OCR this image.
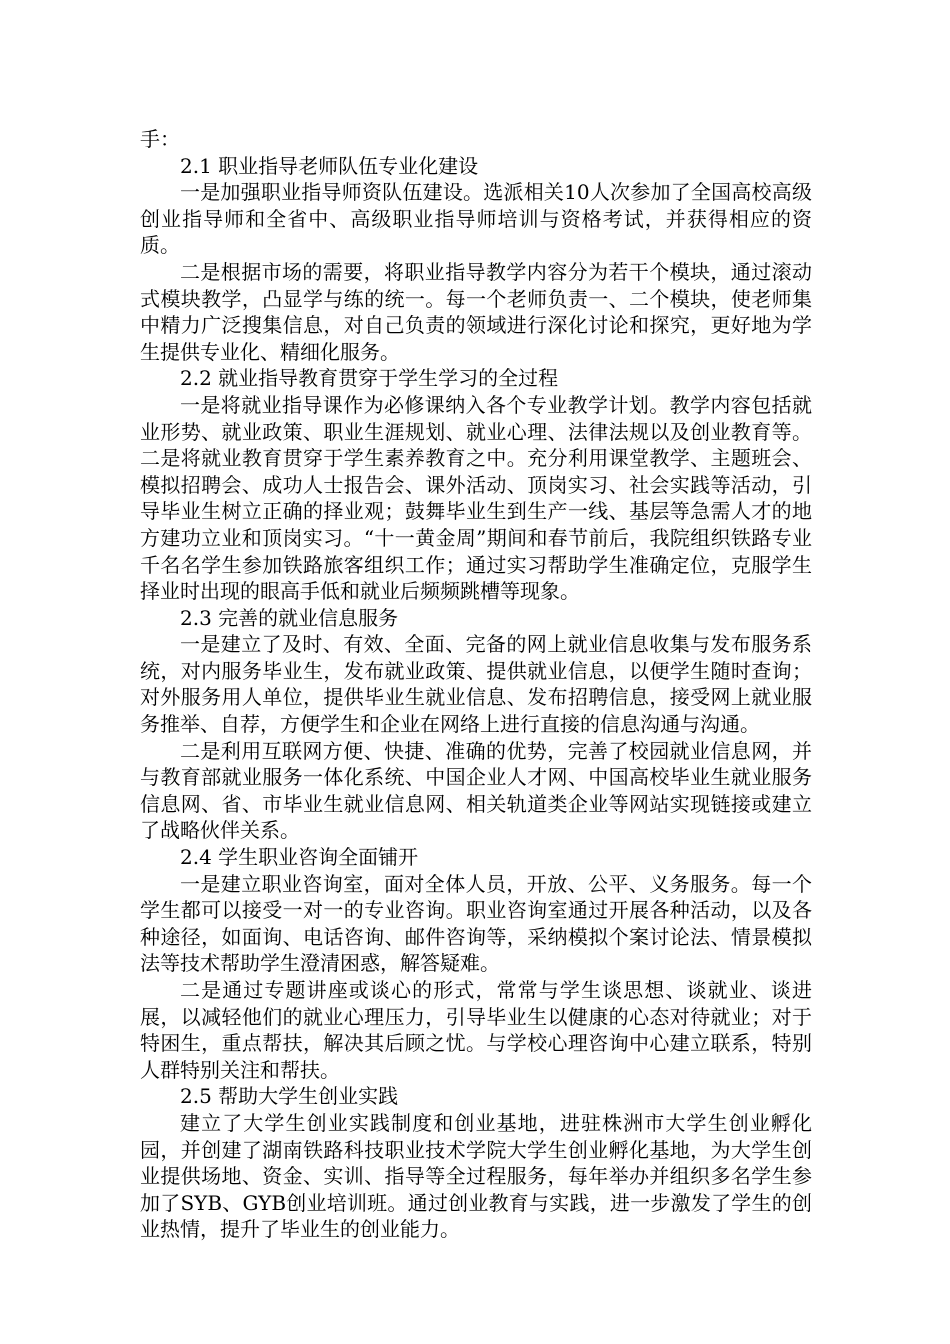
手：

2.1 职业指导老师队伍专业化建设

一是加强职业指导师资队伍建设。选派相关10人次参加了全国高校高级创业指导师和全省中、高级职业指导师培训与资格考试，并获得相应的资质。

二是根据市场的需要，将职业指导教学内容分为若干个模块，通过滚动式模块教学，凸显学与练的统一。每一个老师负责一、二个模块，使老师集中精力广泛搜集信息，对自己负责的领域进行深化讨论和探究，更好地为学生提供专业化、精细化服务。

2.2 就业指导教育贯穿于学生学习的全过程

一是将就业指导课作为必修课纳入各个专业教学计划。教学内容包括就业形势、就业政策、职业生涯规划、就业心理、法律法规以及创业教育等。二是将就业教育贯穿于学生素养教育之中。充分利用课堂教学、主题班会、模拟招聘会、成功人士报告会、课外活动、顶岗实习、社会实践等活动，引导毕业生树立正确的择业观；鼓舞毕业生到生产一线、基层等急需人才的地方建功立业和顶岗实习。“十一黄金周”期间和春节前后，我院组织铁路专业千名名学生参加铁路旅客组织工作；通过实习帮助学生准确定位，克服学生择业时出现的眼高手低和就业后频频跳槽等现象。

2.3 完善的就业信息服务

一是建立了及时、有效、全面、完备的网上就业信息收集与发布服务系统，对内服务毕业生，发布就业政策、提供就业信息，以便学生随时查询；对外服务用人单位，提供毕业生就业信息、发布招聘信息，接受网上就业服务推举、自荐，方便学生和企业在网络上进行直接的信息沟通与沟通。

二是利用互联网方便、快捷、准确的优势，完善了校园就业信息网，并与教育部就业服务一体化系统、中国企业人才网、中国高校毕业生就业服务信息网、省、市毕业生就业信息网、相关轨道类企业等网站实现链接或建立了战略伙伴关系。

2.4 学生职业咨询全面铺开

一是建立职业咨询室，面对全体人员，开放、公平、义务服务。每一个学生都可以接受一对一的专业咨询。职业咨询室通过开展各种活动，以及各种途径，如面询、电话咨询、邮件咨询等，采纳模拟个案讨论法、情景模拟法等技术帮助学生澄清困惑，解答疑难。

二是通过专题讲座或谈心的形式，常常与学生谈思想、谈就业、谈进展，以减轻他们的就业心理压力，引导毕业生以健康的心态对待就业；对于特困生，重点帮扶，解决其后顾之忧。与学校心理咨询中心建立联系，特别人群特别关注和帮扶。

2.5 帮助大学生创业实践

建立了大学生创业实践制度和创业基地，进驻株洲市大学生创业孵化园，并创建了湖南铁路科技职业技术学院大学生创业孵化基地，为大学生创业提供场地、资金、实训、指导等全过程服务，每年举办并组织多名学生参加了SYB、GYB创业培训班。通过创业教育与实践，进一步激发了学生的创业热情，提升了毕业生的创业能力。
